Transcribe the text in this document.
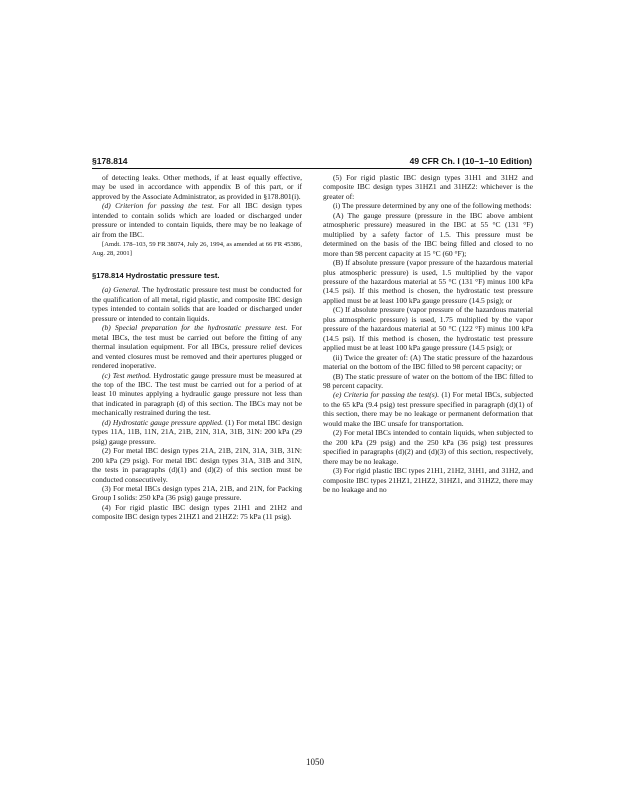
§178.814	49 CFR Ch. I (10–1–10 Edition)

of detecting leaks. Other methods, if at least equally effective, may be used in accordance with appendix B of this part, or if approved by the Associate Administrator, as provided in §178.801(i).

(d) Criterion for passing the test. For all IBC design types intended to contain solids which are loaded or discharged under pressure or intended to contain liquids, there may be no leakage of air from the IBC.

[Amdt. 178–103, 59 FR 38074, July 26, 1994, as amended at 66 FR 45386, Aug. 28, 2001]

§178.814 Hydrostatic pressure test.

(a) General. The hydrostatic pressure test must be conducted for the qualification of all metal, rigid plastic, and composite IBC design types intended to contain solids that are loaded or discharged under pressure or intended to contain liquids.

(b) Special preparation for the hydrostatic pressure test. For metal IBCs, the test must be carried out before the fitting of any thermal insulation equipment. For all IBCs, pressure relief devices and vented closures must be removed and their apertures plugged or rendered inoperative.

(c) Test method. Hydrostatic gauge pressure must be measured at the top of the IBC. The test must be carried out for a period of at least 10 minutes applying a hydraulic gauge pressure not less than that indicated in paragraph (d) of this section. The IBCs may not be mechanically restrained during the test.

(d) Hydrostatic gauge pressure applied. (1) For metal IBC design types 11A, 11B, 11N, 21A, 21B, 21N, 31A, 31B, 31N: 200 kPa (29 psig) gauge pressure.

(2) For metal IBC design types 21A, 21B, 21N, 31A, 31B, 31N: 200 kPa (29 psig). For metal IBC design types 31A, 31B and 31N, the tests in paragraphs (d)(1) and (d)(2) of this section must be conducted consecutively.

(3) For metal IBCs design types 21A, 21B, and 21N, for Packing Group I solids: 250 kPa (36 psig) gauge pressure.

(4) For rigid plastic IBC design types 21H1 and 21H2 and composite IBC design types 21HZ1 and 21HZ2: 75 kPa (11 psig).

(5) For rigid plastic IBC design types 31H1 and 31H2 and composite IBC design types 31HZ1 and 31HZ2: whichever is the greater of:

(i) The pressure determined by any one of the following methods:

(A) The gauge pressure (pressure in the IBC above ambient atmospheric pressure) measured in the IBC at 55 °C (131 °F) multiplied by a safety factor of 1.5. This pressure must be determined on the basis of the IBC being filled and closed to no more than 98 percent capacity at 15 °C (60 °F);

(B) If absolute pressure (vapor pressure of the hazardous material plus atmospheric pressure) is used, 1.5 multiplied by the vapor pressure of the hazardous material at 55 °C (131 °F) minus 100 kPa (14.5 psi). If this method is chosen, the hydrostatic test pressure applied must be at least 100 kPa gauge pressure (14.5 psig); or

(C) If absolute pressure (vapor pressure of the hazardous material plus atmospheric pressure) is used, 1.75 multiplied by the vapor pressure of the hazardous material at 50 °C (122 °F) minus 100 kPa (14.5 psi). If this method is chosen, the hydrostatic test pressure applied must be at least 100 kPa gauge pressure (14.5 psig); or

(ii) Twice the greater of: (A) The static pressure of the hazardous material on the bottom of the IBC filled to 98 percent capacity; or

(B) The static pressure of water on the bottom of the IBC filled to 98 percent capacity.

(e) Criteria for passing the test(s). (1) For metal IBCs, subjected to the 65 kPa (9.4 psig) test pressure specified in paragraph (d)(1) of this section, there may be no leakage or permanent deformation that would make the IBC unsafe for transportation.

(2) For metal IBCs intended to contain liquids, when subjected to the 200 kPa (29 psig) and the 250 kPa (36 psig) test pressures specified in paragraphs (d)(2) and (d)(3) of this section, respectively, there may be no leakage.

(3) For rigid plastic IBC types 21H1, 21H2, 31H1, and 31H2, and composite IBC types 21HZ1, 21HZ2, 31HZ1, and 31HZ2, there may be no leakage and no

1050
